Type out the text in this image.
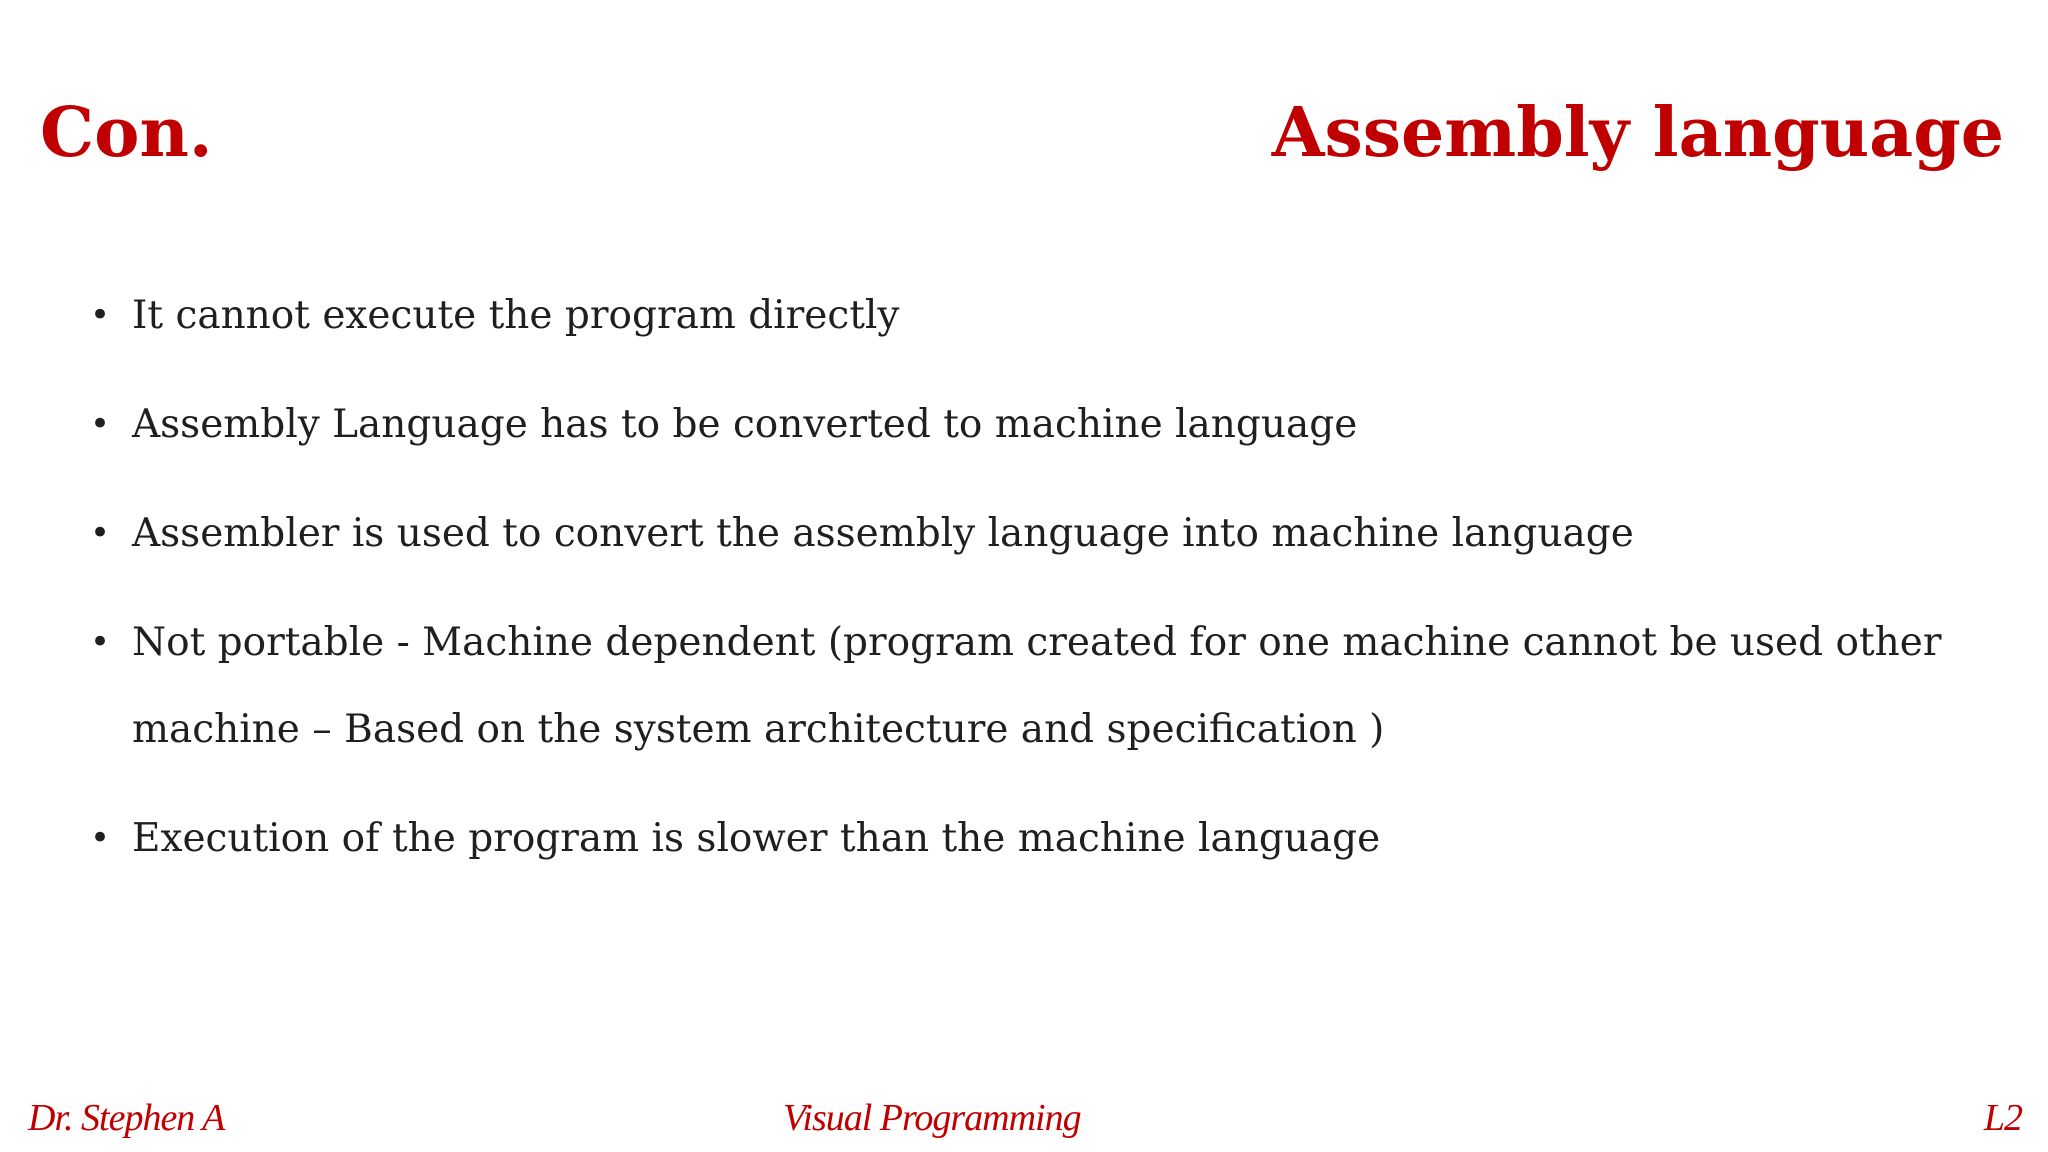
Con.	Assembly language
• It cannot execute the program directly
• Assembly Language has to be converted to machine language
• Assembler is used to convert the assembly language into machine language
• Not portable - Machine dependent (program created for one machine cannot be used other machine – Based on the system architecture and specification )
• Execution of the program is slower than the machine language
Dr. Stephen A	Visual Programming	L2
